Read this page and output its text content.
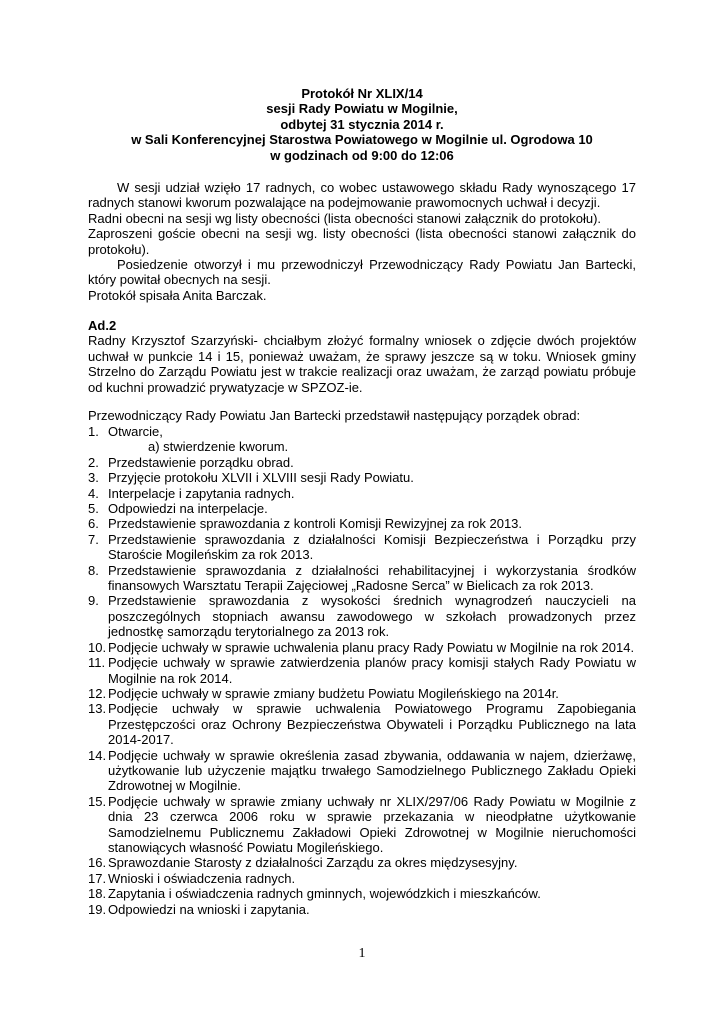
Protokół Nr XLIX/14
sesji Rady Powiatu w Mogilnie,
odbytej 31 stycznia 2014 r.
w Sali Konferencyjnej Starostwa Powiatowego w Mogilnie ul. Ogrodowa 10
w godzinach od 9:00 do 12:06
W sesji udział wzięło 17 radnych, co wobec ustawowego składu Rady wynoszącego 17 radnych stanowi kworum pozwalające na podejmowanie prawomocnych uchwał i decyzji.
Radni obecni na sesji wg listy obecności (lista obecności stanowi załącznik do protokołu).
Zaproszeni goście obecni na sesji wg. listy obecności (lista obecności stanowi załącznik do protokołu).
Posiedzenie otworzył i mu przewodniczył Przewodniczący Rady Powiatu Jan Bartecki, który powitał obecnych na sesji.
Protokół spisała Anita Barczak.
Ad.2
Radny Krzysztof Szarzyński- chciałbym złożyć formalny wniosek o zdjęcie dwóch projektów uchwał w punkcie 14 i 15, ponieważ uważam, że sprawy jeszcze są w toku. Wniosek gminy Strzelno do Zarządu Powiatu jest w trakcie realizacji oraz uważam, że zarząd powiatu próbuje od kuchni prowadzić prywatyzacje w SPZOZ-ie.
Przewodniczący Rady Powiatu Jan Bartecki przedstawił następujący porządek obrad:
1. Otwarcie,
a) stwierdzenie kworum.
2. Przedstawienie porządku obrad.
3. Przyjęcie protokołu XLVII i XLVIII sesji Rady Powiatu.
4. Interpelacje i zapytania radnych.
5. Odpowiedzi na interpelacje.
6. Przedstawienie sprawozdania z kontroli Komisji Rewizyjnej za rok 2013.
7. Przedstawienie sprawozdania z działalności Komisji Bezpieczeństwa i Porządku przy Staroście Mogileńskim za rok 2013.
8. Przedstawienie sprawozdania z działalności rehabilitacyjnej i wykorzystania środków finansowych Warsztatu Terapii Zajęciowej „Radosne Serca” w Bielicach za rok 2013.
9. Przedstawienie sprawozdania z wysokości średnich wynagrodzeń nauczycieli na poszczególnych stopniach awansu zawodowego w szkołach prowadzonych przez jednostkę samorządu terytorialnego za 2013 rok.
10. Podjęcie uchwały w sprawie uchwalenia planu pracy Rady Powiatu w Mogilnie na rok 2014.
11. Podjęcie uchwały w sprawie zatwierdzenia planów pracy komisji stałych Rady Powiatu w Mogilnie na rok 2014.
12. Podjęcie uchwały w sprawie zmiany budżetu Powiatu Mogileńskiego na 2014r.
13. Podjęcie uchwały w sprawie uchwalenia Powiatowego Programu Zapobiegania Przestępczości oraz Ochrony Bezpieczeństwa Obywateli i Porządku Publicznego na lata 2014-2017.
14. Podjęcie uchwały w sprawie określenia zasad zbywania, oddawania w najem, dzierżawę, użytkowanie lub użyczenie majątku trwałego Samodzielnego Publicznego Zakładu Opieki Zdrowotnej w Mogilnie.
15. Podjęcie uchwały w sprawie zmiany uchwały nr XLIX/297/06 Rady Powiatu w Mogilnie z dnia 23 czerwca 2006 roku w sprawie przekazania w nieodpłatne użytkowanie Samodzielnemu Publicznemu Zakładowi Opieki Zdrowotnej w Mogilnie nieruchomości stanowiących własność Powiatu Mogileńskiego.
16. Sprawozdanie Starosty z działalności Zarządu za okres międzysesyjny.
17. Wnioski i oświadczenia radnych.
18. Zapytania i oświadczenia radnych gminnych, wojewódzkich i mieszkańców.
19. Odpowiedzi na wnioski i zapytania.
1
